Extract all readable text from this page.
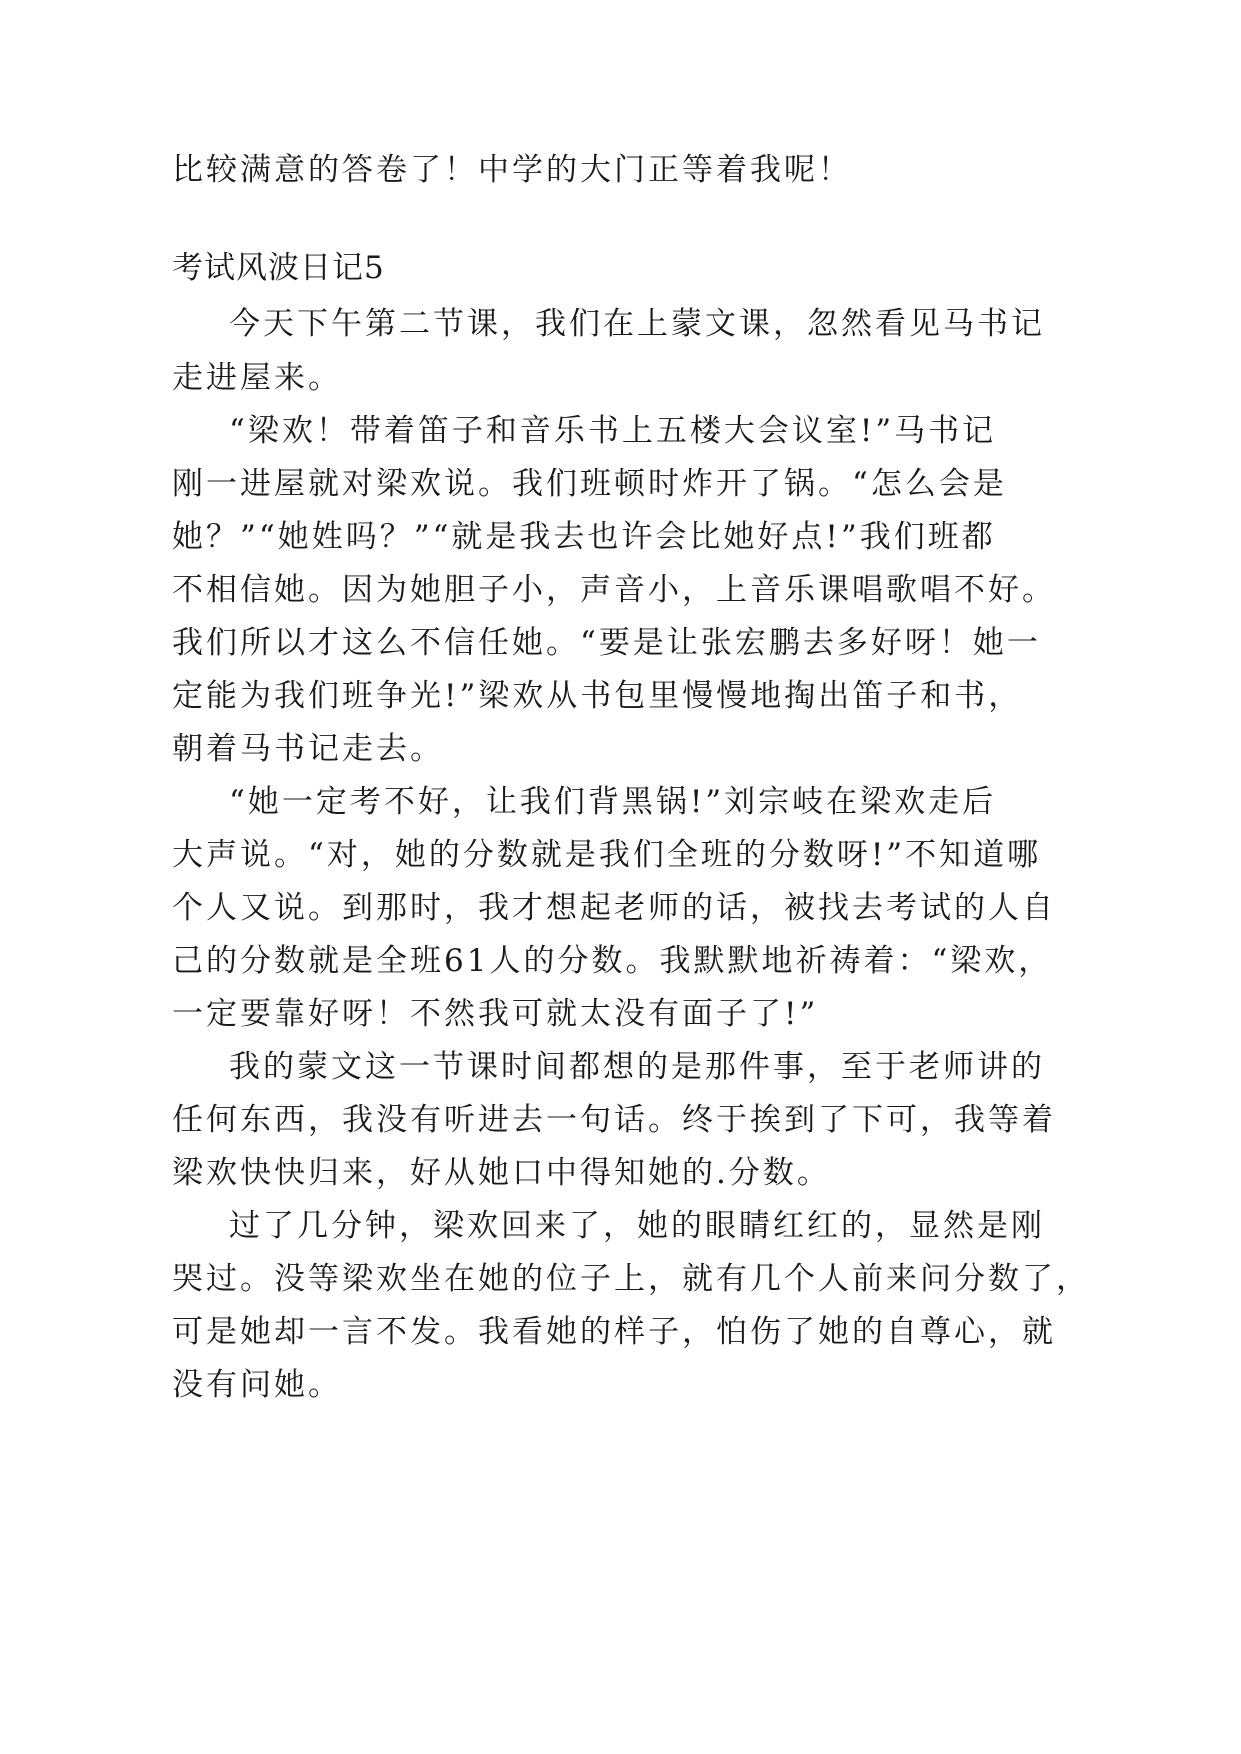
比较满意的答卷了！中学的大门正等着我呢！
考试风波日记5
今天下午第二节课，我们在上蒙文课，忽然看见马书记
走进屋来。
“梁欢！带着笛子和音乐书上五楼大会议室!”马书记
刚一进屋就对梁欢说。我们班顿时炸开了锅。“怎么会是
她？”“她姓吗？”“就是我去也许会比她好点!”我们班都
不相信她。因为她胆子小，声音小，上音乐课唱歌唱不好。
我们所以才这么不信任她。“要是让张宏鹏去多好呀！她一
定能为我们班争光!”梁欢从书包里慢慢地掏出笛子和书，
朝着马书记走去。
“她一定考不好，让我们背黑锅!”刘宗岐在梁欢走后
大声说。“对，她的分数就是我们全班的分数呀!”不知道哪
个人又说。到那时，我才想起老师的话，被找去考试的人自
己的分数就是全班61人的分数。我默默地祈祷着：“梁欢，
一定要靠好呀！不然我可就太没有面子了!”
我的蒙文这一节课时间都想的是那件事，至于老师讲的
任何东西，我没有听进去一句话。终于挨到了下可，我等着
梁欢快快归来，好从她口中得知她的.分数。
过了几分钟，梁欢回来了，她的眼睛红红的，显然是刚
哭过。没等梁欢坐在她的位子上，就有几个人前来问分数了，
可是她却一言不发。我看她的样子，怕伤了她的自尊心，就
没有问她。
